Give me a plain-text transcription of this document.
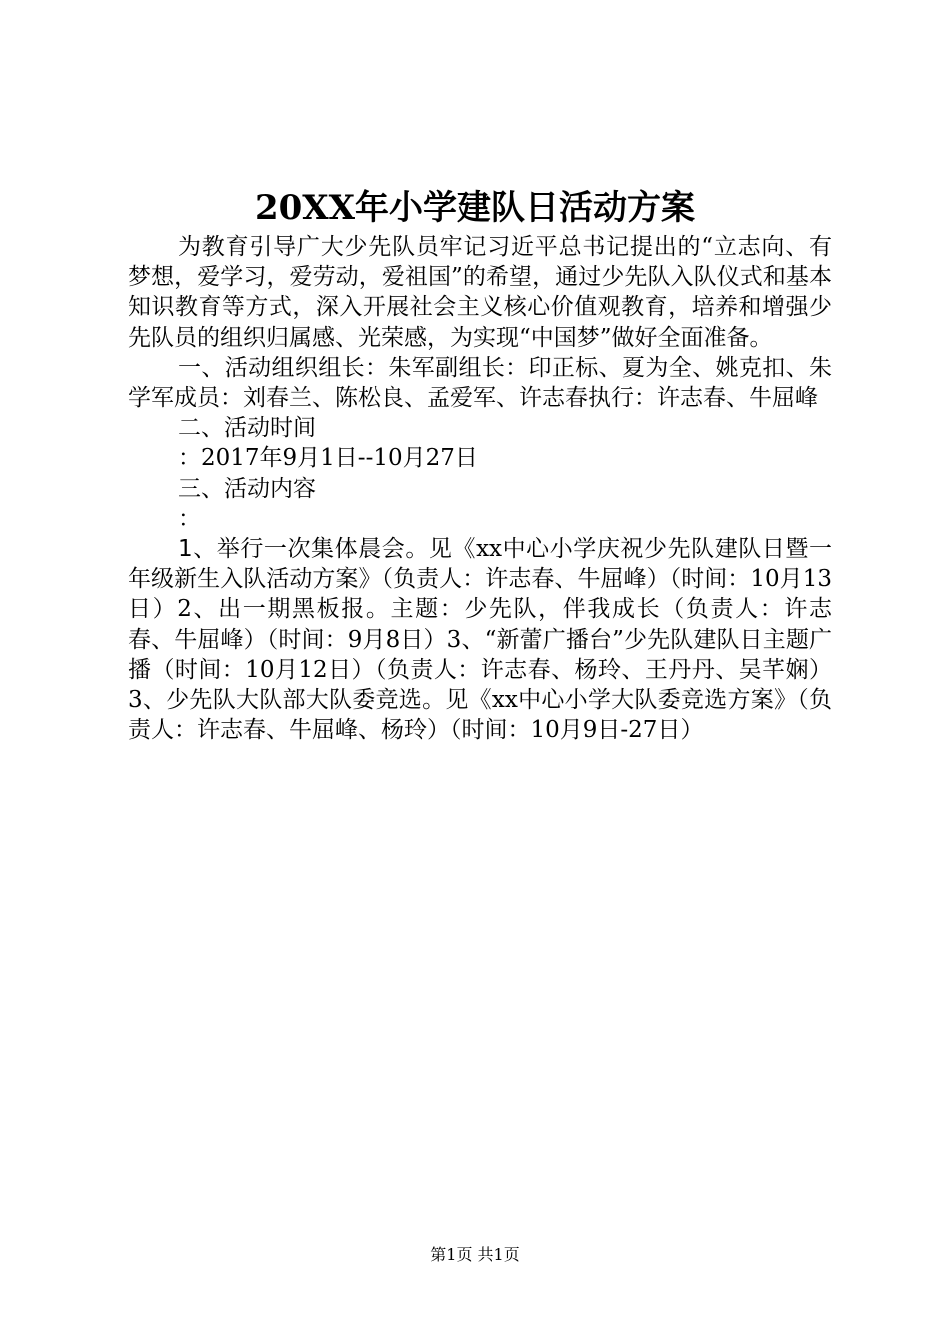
20XX年小学建队日活动方案

为教育引导广大少先队员牢记习近平总书记提出的“立志向、有梦想，爱学习，爱劳动，爱祖国”的希望，通过少先队入队仪式和基本知识教育等方式，深入开展社会主义核心价值观教育，培养和增强少先队员的组织归属感、光荣感，为实现“中国梦”做好全面准备。

一、活动组织组长：朱军副组长：印正标、夏为全、姚克扣、朱学军成员：刘春兰、陈松良、孟爱军、许志春执行：许志春、牛屈峰

二、活动时间

：2017年9月1日--10月27日

三、活动内容

：

1、举行一次集体晨会。见《xx中心小学庆祝少先队建队日暨一年级新生入队活动方案》（负责人：许志春、牛屈峰）（时间：10月13日）2、出一期黑板报。主题：少先队，伴我成长（负责人：许志春、牛屈峰）（时间：9月8日）3、“新蕾广播台”少先队建队日主题广播（时间：10月12日）（负责人：许志春、杨玲、王丹丹、吴芊娴）3、少先队大队部大队委竞选。见《xx中心小学大队委竞选方案》（负责人：许志春、牛屈峰、杨玲）（时间：10月9日-27日）

第1页 共1页
